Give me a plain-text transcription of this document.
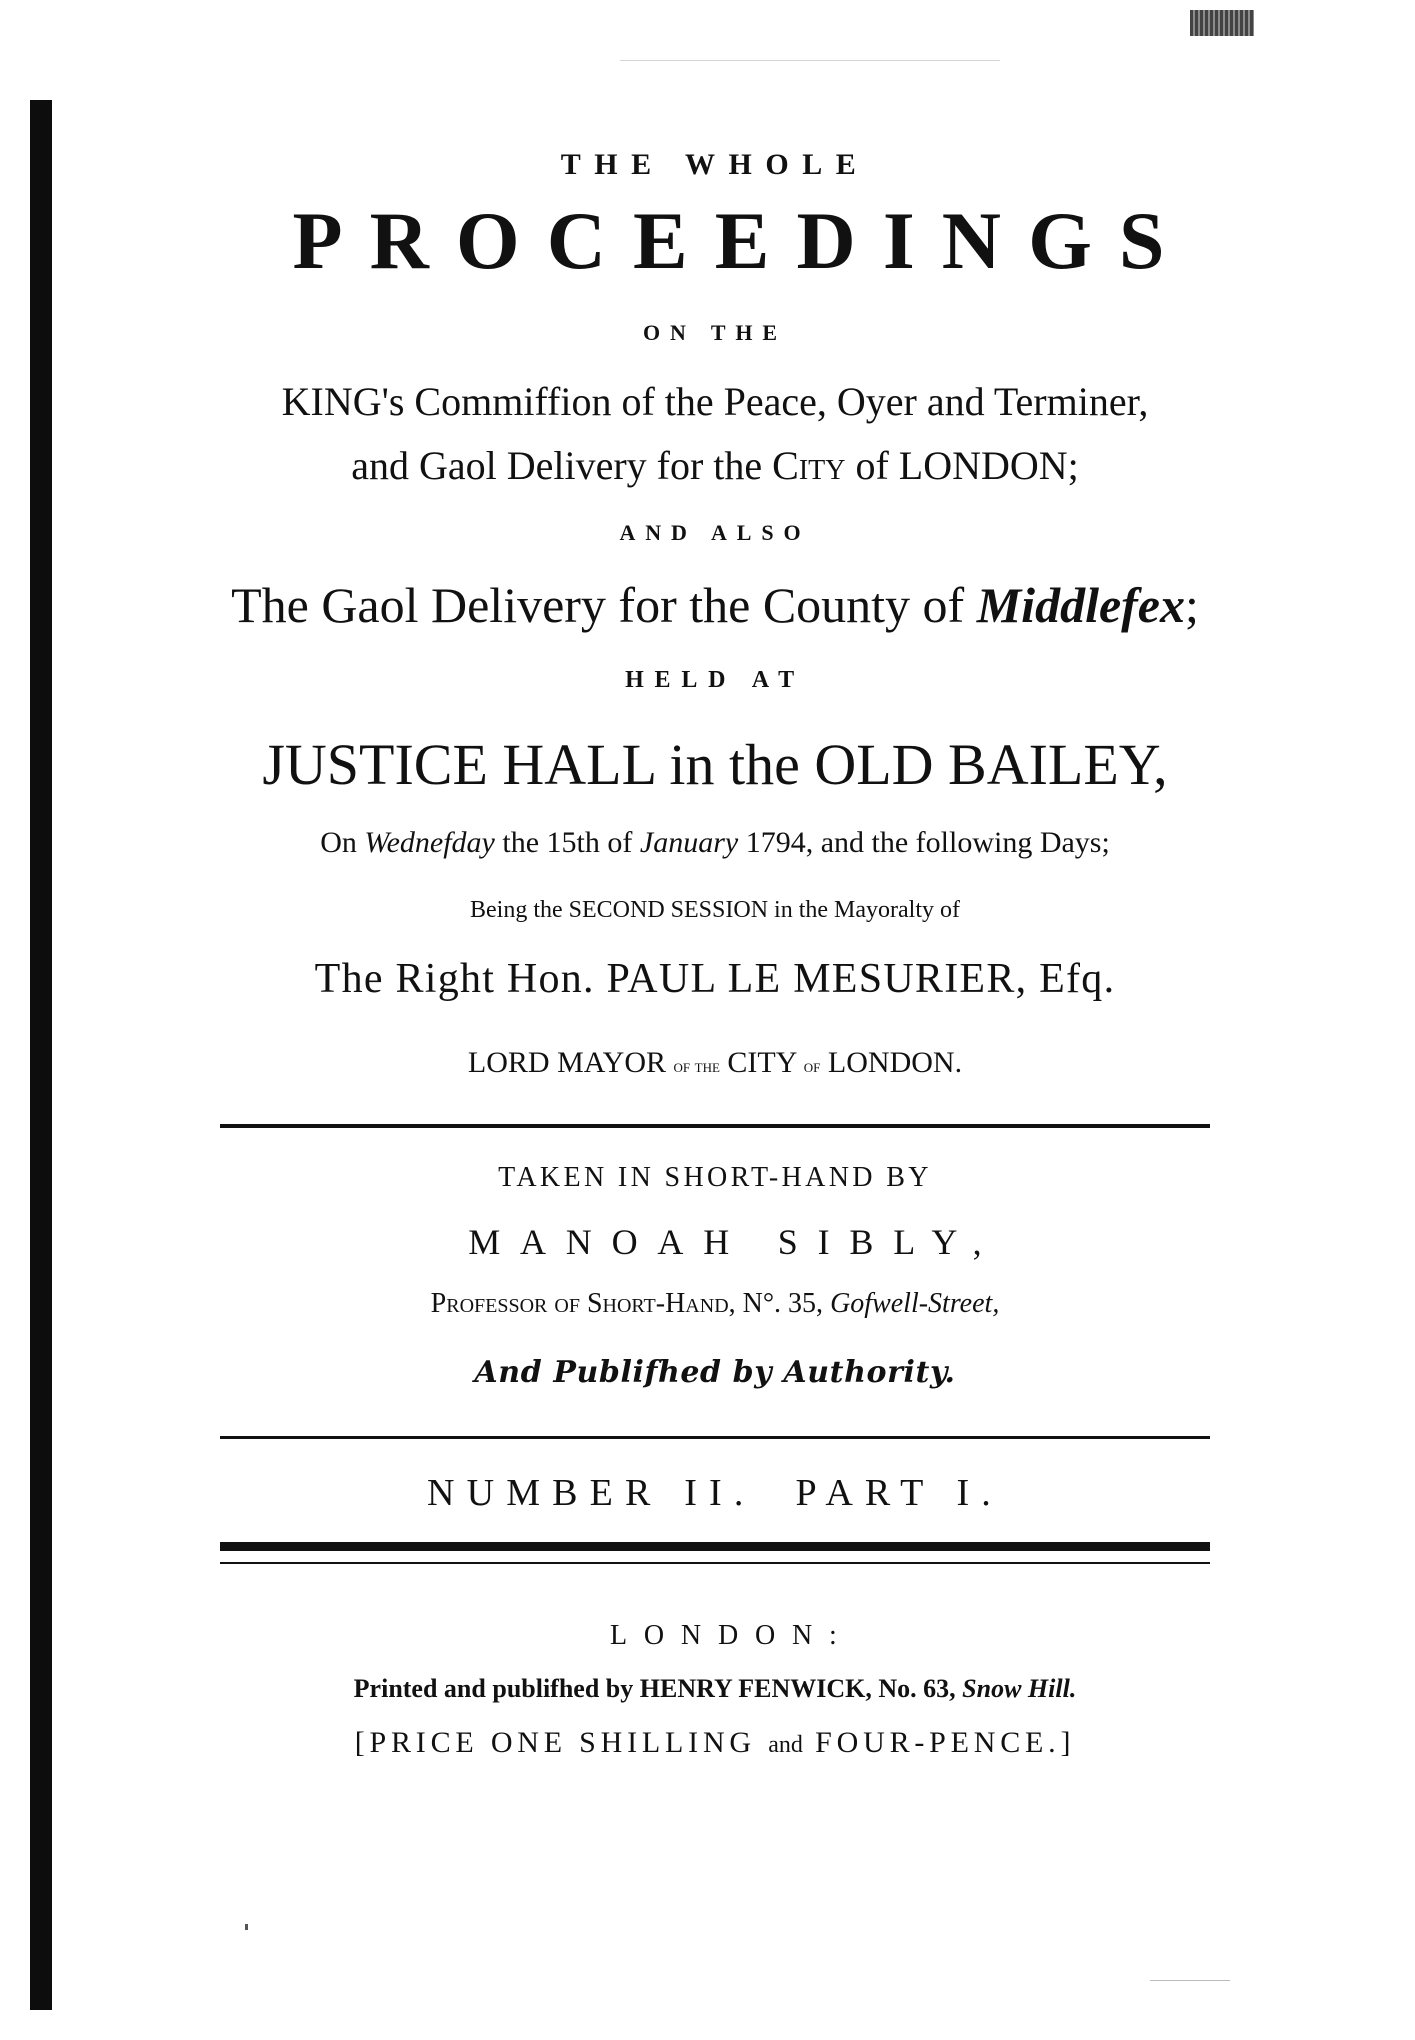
THE WHOLE
PROCEEDINGS
ON THE
KING's Commiffion of the Peace, Oyer and Terminer,
and Gaol Delivery for the City of LONDON;
AND ALSO
The Gaol Delivery for the County of Middlefex;
HELD AT
JUSTICE HALL in the OLD BAILEY,
On Wednefday the 15th of January 1794, and the following Days;
Being the SECOND SESSION in the Mayoralty of
The Right Hon. PAUL LE MESURIER, Efq.
LORD MAYOR of the CITY of LONDON.
TAKEN IN SHORT-HAND BY
MANOAH SIBLY,
Professor of Short-Hand, N°. 35, Gofwell-Street,
And Publifhed by Authority.
NUMBER II. PART I.
LONDON:
Printed and publifhed by HENRY FENWICK, No. 63, Snow Hill.
[PRICE ONE SHILLING and FOUR-PENCE.]
